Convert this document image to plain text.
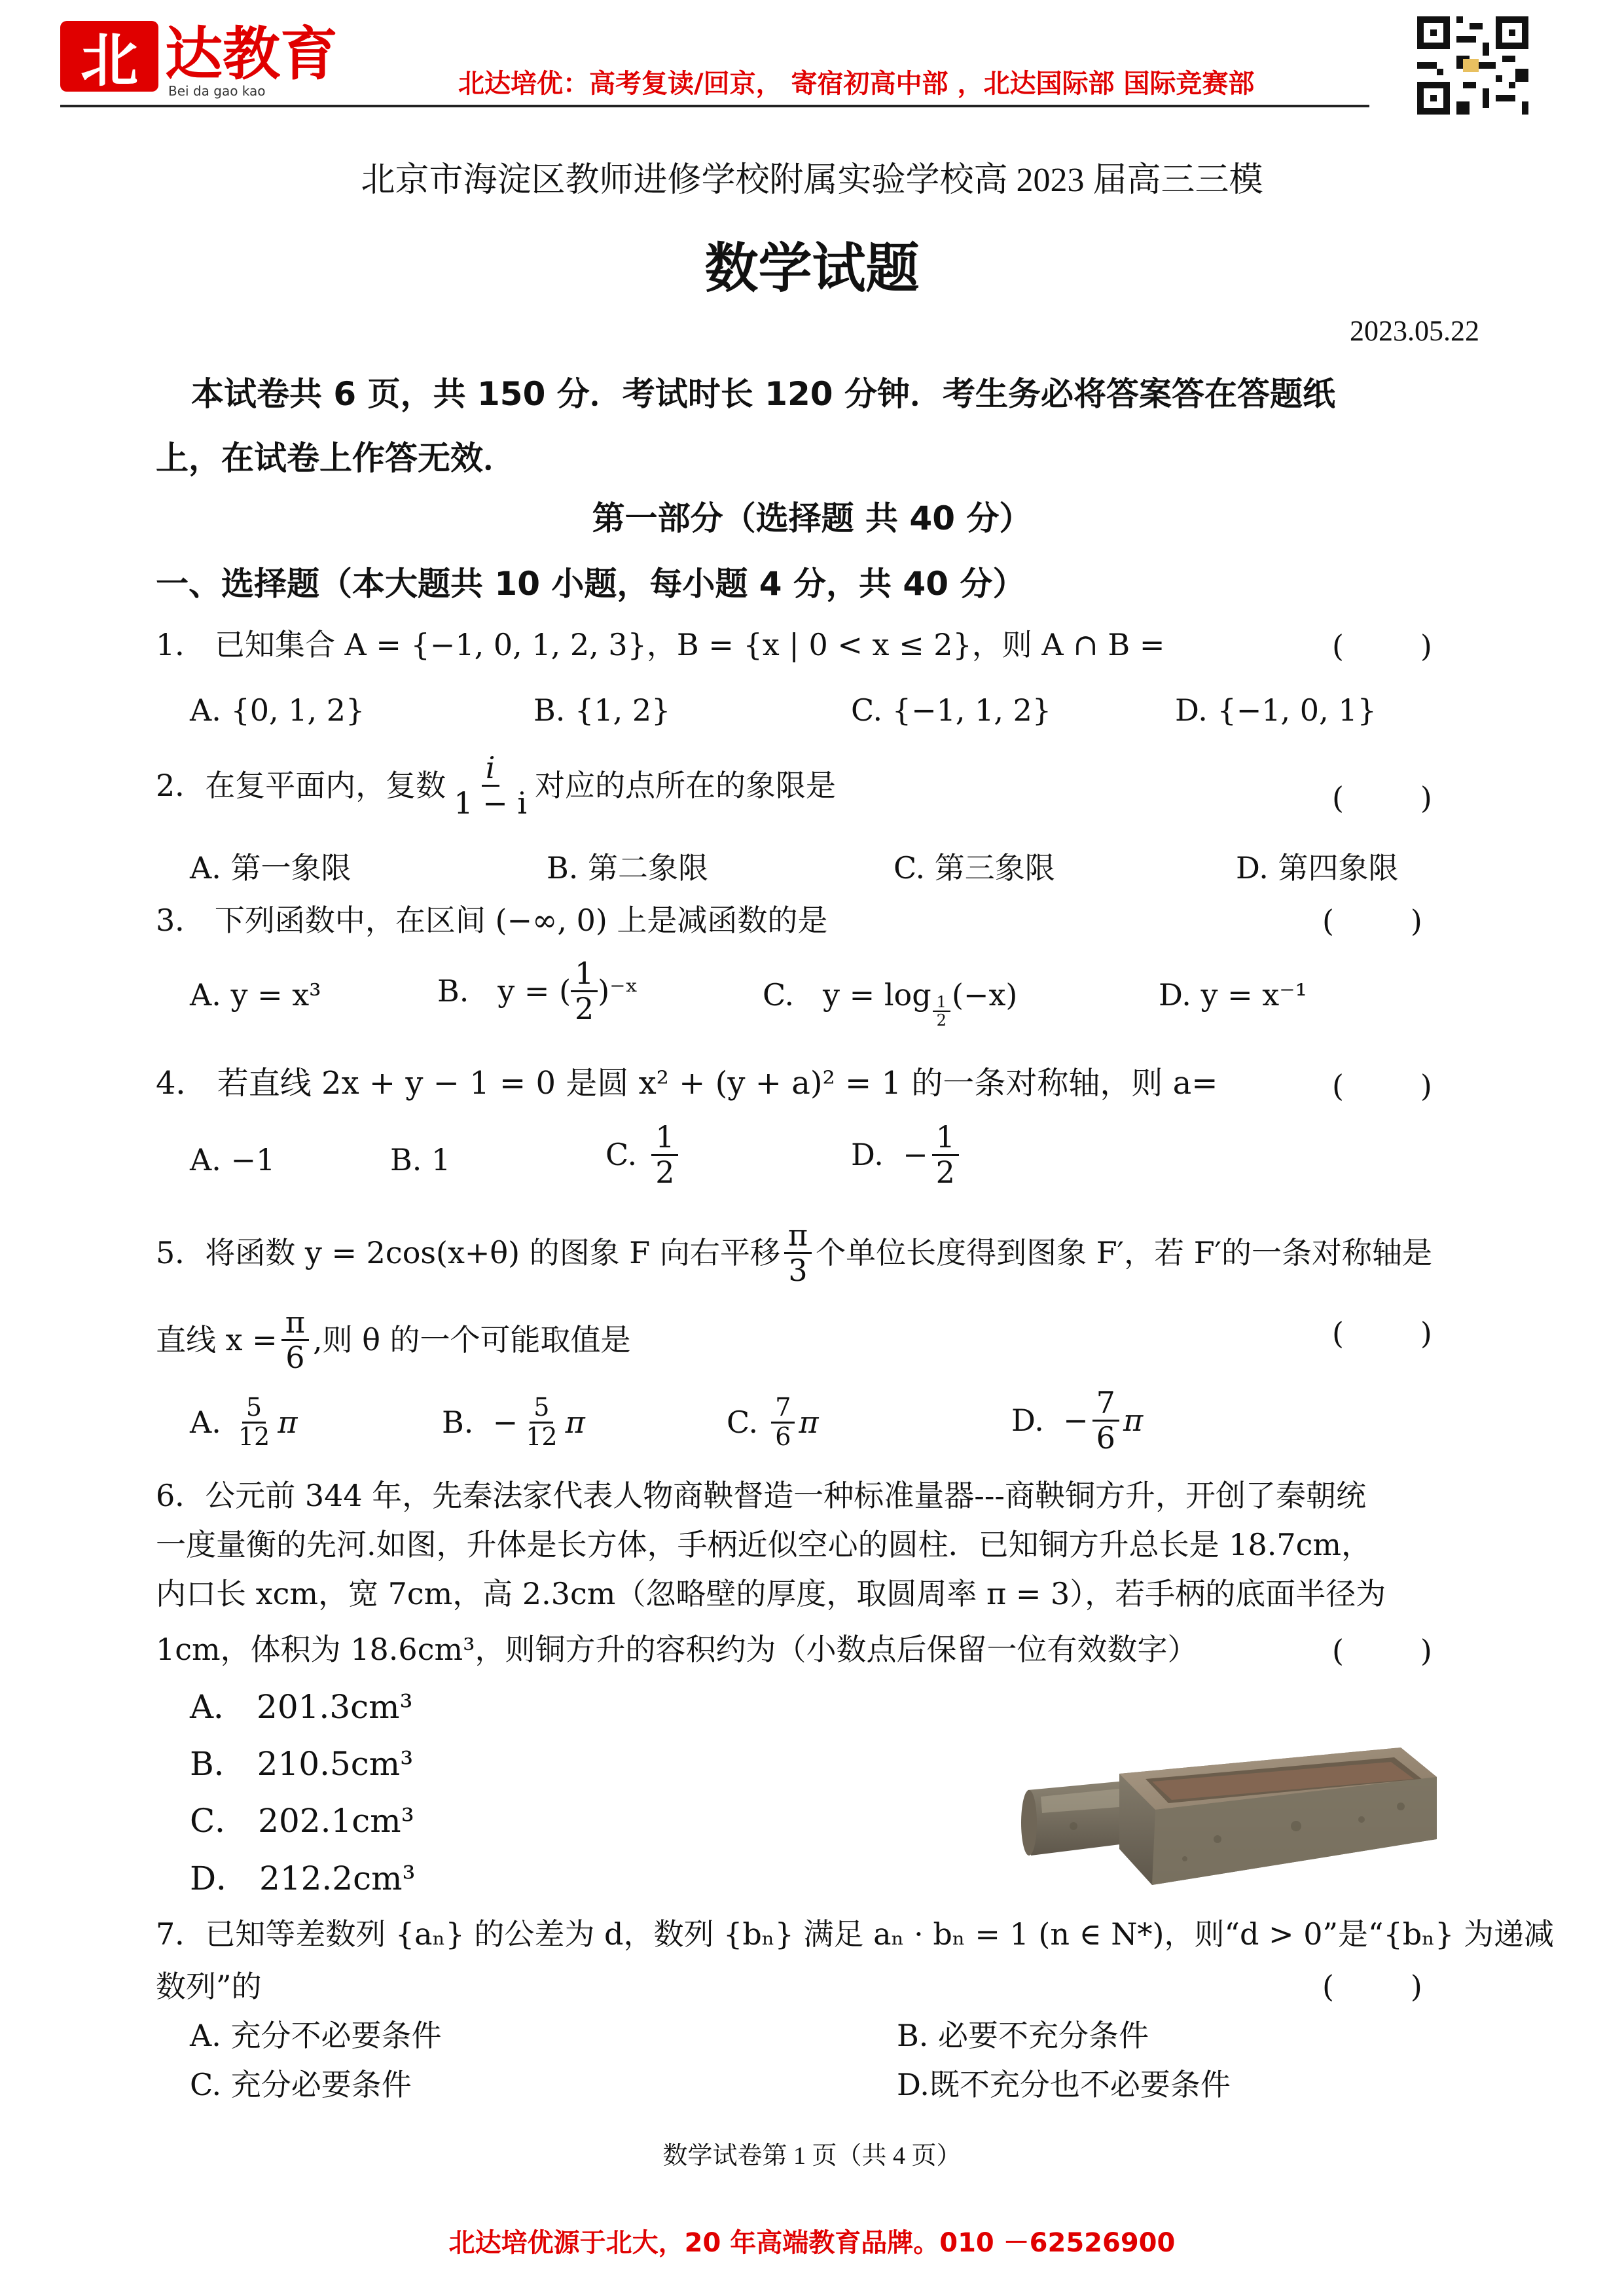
北 达教育
Bei da gao kao	北达培优：高考复读/回京， 寄宿初高中部 ，北达国际部 国际竞赛部
北京市海淀区教师进修学校附属实验学校高 2023 届高三三模
数学试题
2023.05.22
本试卷共 6 页，共 150 分．考试时长 120 分钟．考生务必将答案答在答题纸
上，在试卷上作答无效．
第一部分（选择题 共 40 分）
一、选择题（本大题共 10 小题，每小题 4 分，共 40 分）
1． 已知集合 A = {−1, 0, 1, 2, 3}，B = {x | 0 < x ≤ 2}，则 A ∩ B =	(        )
A. {0, 1, 2}	B. {1, 2}	C. {−1, 1, 2}	D. {−1, 0, 1}
2．在复平面内，复数 $\frac{i}{1 - i}$ 对应的点所在的象限是	(        )
A. 第一象限	B. 第二象限	C. 第三象限	D. 第四象限
3． 下列函数中，在区间 (−∞, 0) 上是减函数的是	(        )
A. y = x³	B.   y = ( $\frac{1}{2}$ )⁻ˣ	C.   $y = \log \frac{1}{2} (-x)$	D. y = x⁻¹
4． 若直线 2x + y − 1 = 0 是圆 x² + (y + a)² = 1 的一条对称轴，则 a=	(        )
A. −1	B. 1	C. $\frac{1}{2}$	D.  − $\frac{1}{2}$
5．将函数 y = 2cos(x+θ) 的图象 F 向右平移 $\frac{\pi}{3}$ 个单位长度得到图象 F′，若 F′的一条对称轴是
直线 $x = \frac{\pi}{6}$ ,则 θ 的一个可能取值是	(        )
A. $\frac{5}{12}$ π	B.  − $\frac{5}{12}$ π	C. $\frac{7}{6}$ π	D.  − $\frac{7}{6}$ π
6．公元前 344 年，先秦法家代表人物商鞅督造一种标准量器---商鞅铜方升，开创了秦朝统
一度量衡的先河.如图，升体是长方体，手柄近似空心的圆柱．已知铜方升总长是 18.7cm，
内口长 xcm，宽 7cm，高 2.3cm（忽略壁的厚度，取圆周率 π = 3），若手柄的底面半径为
1cm，体积为 18.6cm³，则铜方升的容积约为（小数点后保留一位有效数字）	(        )
A． 201.3cm³
B． 210.5cm³
C． 202.1cm³
D． 212.2cm³
7．已知等差数列 {aₙ} 的公差为 d，数列 {bₙ} 满足 aₙ · bₙ = 1 (n ∈ N*)，则“d > 0”是“{bₙ} 为递减
数列”的	(        )
A. 充分不必要条件	B. 必要不充分条件
C. 充分必要条件	D.既不充分也不必要条件
数学试卷第 1 页（共 4 页）
北达培优源于北大，20 年高端教育品牌。010 －62526900
